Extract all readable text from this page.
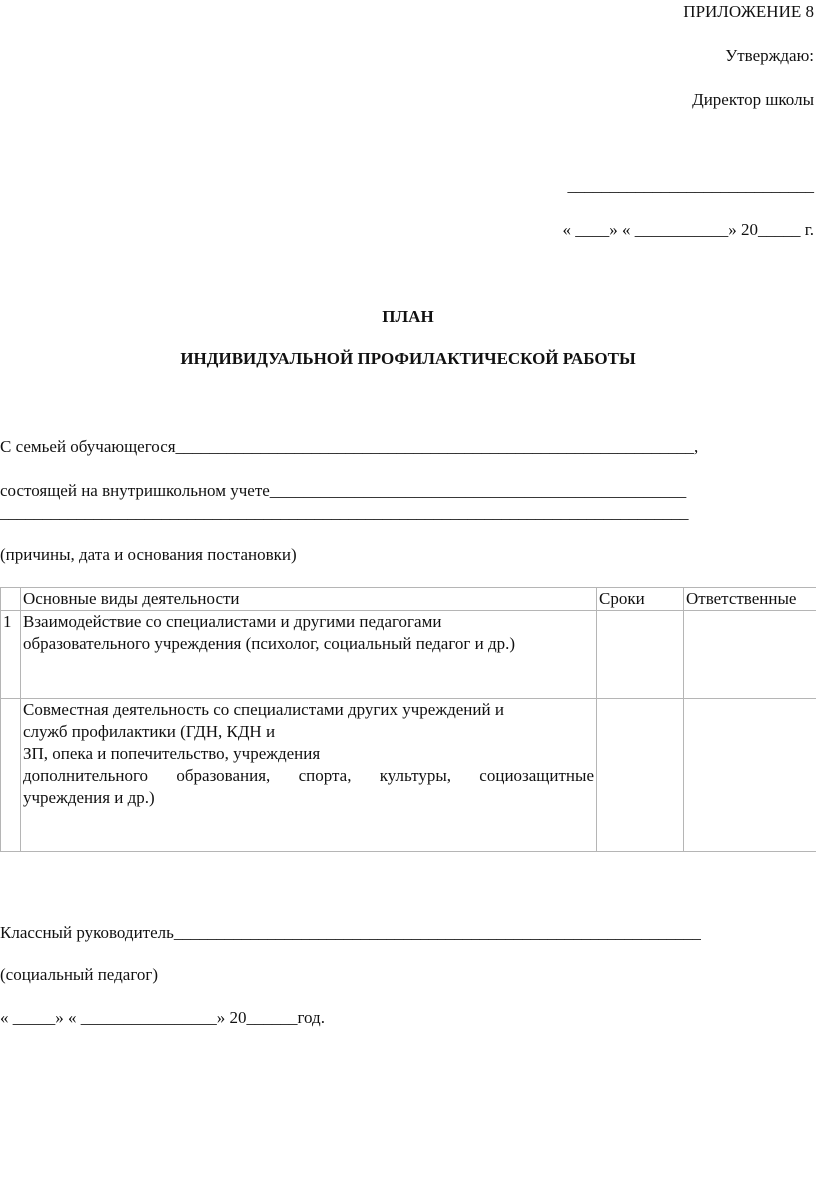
ПРИЛОЖЕНИЕ 8
Утверждаю:
Директор школы
_____________________________
« ____» « ___________» 20_____ г.
ПЛАН
ИНДИВИДУАЛЬНОЙ ПРОФИЛАКТИЧЕСКОЙ РАБОТЫ
С семьей обучающегося_____________________________________________________________,
состоящей на внутришкольном учете_________________________________________________
_________________________________________________________________________________
(причины, дата и основания постановки)
	Основные виды деятельности	Сроки	Ответственные
1	Взаимодействие со специалистами и другими педагогами
образовательного учреждения (психолог, социальный педагог и др.)		

	Совместная деятельность со специалистами других учреждений и
служб профилактики (ГДН, КДН и
ЗП, опека и попечительство, учреждения
дополнительного образования, спорта, культуры, социозащитные
учреждения и др.)		

Классный руководитель______________________________________________________________
(социальный педагог)
« _____» « ________________» 20______год.
